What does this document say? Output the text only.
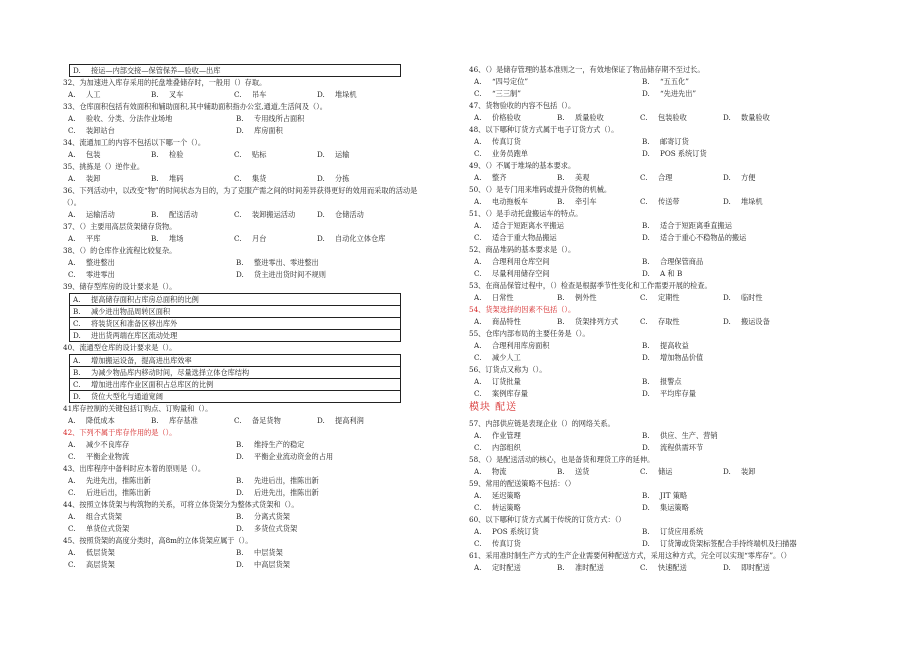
D. 接运—内部交接—保管保养—验收—出库
32、为加速进入库存采用的托盘堆叠储存时，一般用（）存取。
A. 人工	B. 叉车	C. 吊车	D. 堆垛机
33、仓库面积包括有效面积和辅助面积,其中辅助面积指办公室,通道,生活间及（）。
A. 验收、分类、分法作业场地	B. 专用线所占面积
C. 装卸站台	D. 库房面积
34、流通加工的内容不包括以下哪一个（）。
A. 包装	B. 检验	C. 贴标	D. 运输
35、挑拣是（）逆作业。
A. 装卸	B. 堆码	C. 集货	D. 分拣
36、下列活动中，以改变“物”的时间状态为目的，为了克服产需之间的时间差异获得更好的效用而采取的活动是
（）。
A. 运输活动	B. 配送活动	C. 装卸搬运活动	D. 仓储活动
37、（）主要用高层货架储存货物。
A. 平库	B. 堆场	C. 月台	D. 自动化立体仓库
38、（）的仓库作业流程比较复杂。
A. 整进整出	B. 整进零出、零进整出
C. 零进零出	D. 货主进出货时间不规则
39、储存型库房的设计要求是（）。
A. 提高储存面积占库房总面积的比例
B. 减少进出物品周转区面积
C. 将装货区和准备区移出库外
D. 进出货两端在库区流动处理
40、流通型仓库的设计要求是（）。
A. 增加搬运设备，提高进出库效率
B. 为减少物品库内移动时间，尽量选择立体仓库结构
C. 增加进出库作业区面积占总库区的比例
D. 货位大型化与通道宽阔
41库存控制的关键包括订购点、订购量和（）。
A. 降低成本	B. 库存基准	C. 备足货物	D. 提高利润
42、下列不属于库存作用的是（）。
A. 减少不良库存	B. 维持生产的稳定
C. 平衡企业物流	D. 平衡企业流动资金的占用
43、出库程序中备料时应本着的原则是（）。
A. 先进先出，推陈出新	B. 先进后出，推陈出新
C. 后进后出，推陈出新	D. 后进先出，推陈出新
44、按照立体货架与构筑物的关系，可将立体货架分为整体式货架和（）。
A. 组合式货架	B. 分离式货架
C. 单货位式货架	D. 多货位式货架
45、按照货架的高度分类时，高8m的立体货架应属于（）。
A. 低层货架	B. 中层货架
C. 高层货架	D. 中高层货架
46、（）是储存管理的基本准则之一，有效地保证了物品储存期不至过长。
A. “四号定位”	B. “五五化”
C. “三三制”	D. “先进先出”
47、货物验收的内容不包括（）。
A. 价格验收	B. 质量验收	C. 包装验收	D. 数量验收
48、以下哪种订货方式属于电子订货方式（）。
A. 传真订货	B. 邮寄订货
C. 业务员跑单	D. POS 系统订货
49、（）不属于堆垛的基本要求。
A. 整齐	B. 美观	C. 合理	D. 方便
50、（）是专门用来堆码或提升货物的机械。
A. 电动拖板车	B. 牵引车	C. 传送带	D. 堆垛机
51、（）是手动托盘搬运车的特点。
A. 适合于短距离水平搬运	B. 适合于短距离垂直搬运
C. 适合于重大物品搬运	D. 适合于重心不稳物品的搬运
52、商品堆码的基本要求是（）。
A. 合理利用仓库空间	B. 合理保管商品
C. 尽量利用储存空间	D. A 和 B
53、在商品保管过程中，（）检查是根据季节性变化和工作需要开展的检查。
A. 日常性	B. 例外性	C. 定期性	D. 临时性
54、货架选择的因素不包括（）。
A. 商品特性	B. 货架排列方式	C. 存取性	D. 搬运设备
55、仓库内部布局的主要任务是（）。
A. 合理利用库房面积	B. 提高收益
C. 减少人工	D. 增加物品价值
56、订货点又称为（）。
A. 订货批量	B. 报警点
C. 案例库存量	D. 平均库存量
模块 配送
57、内部供应链是表现企业（）的网络关系。
A. 作业管理	B. 供应、生产、营销
C. 内部组织	D. 流程供需环节
58、（）是配送活动的核心，也是备货和理货工序的延伸。
A. 物流	B. 送货	C. 储运	D. 装卸
59、常用的配送策略不包括：（）
A. 延迟策略	B. JIT 策略
C. 转运策略	D. 集运策略
60、以下哪种订货方式属于传统的订货方式：（）
A. POS 系统订货	B. 订货应用系统
C. 传真订货	D. 订货簿或货架标签配合手持终端机及扫描器
61、采用准时制生产方式的生产企业需要何种配送方式，采用这种方式，完全可以实现“零库存”。（）
A. 定时配送	B. 准时配送	C. 快速配送	D. 即时配送
